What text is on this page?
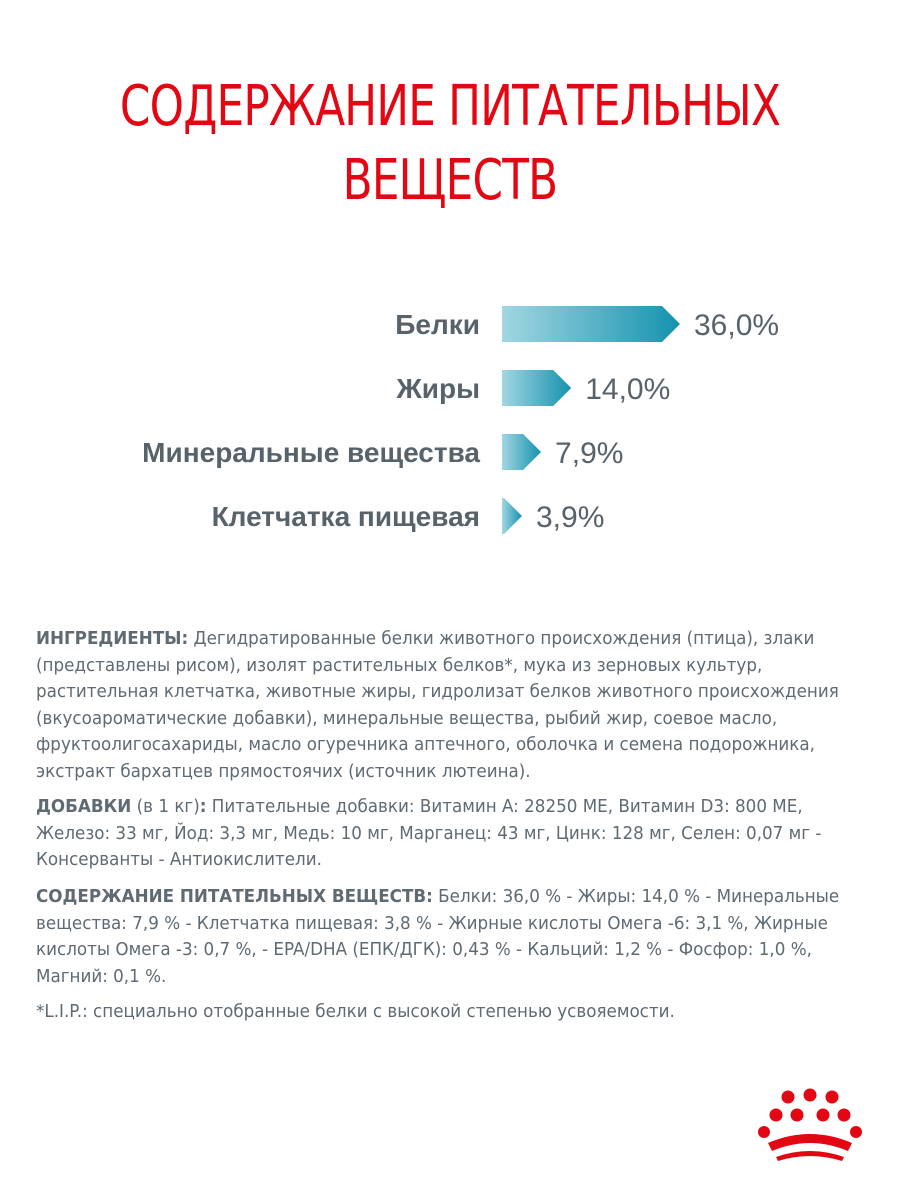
СОДЕРЖАНИЕ ПИТАТЕЛЬНЫХ
ВЕЩЕСТВ
Белки	36,0%
Жиры	14,0%
Минеральные вещества	7,9%
Клетчатка пищевая 3,9%
ИНГРЕДИЕНТЫ: Дегидратированные белки животного происхождения (птица), злаки (представлены рисом), изолят растительных белков*, мука из зерновых культур, растительная клетчатка, животные жиры, гидролизат белков животного происхождения (вкусоароматические добавки), минеральные вещества, рыбий жир, соевое масло, фруктоолигосахариды, масло огуречника аптечного, оболочка и семена подорожника, экстракт бархатцев прямостоячих (источник лютеина).
ДОБАВКИ (в 1 кг): Питательные добавки: Витамин A: 28250 МЕ, Витамин D3: 800 МЕ, Железо: 33 мг, Йод: 3,3 мг, Медь: 10 мг, Марганец: 43 мг, Цинк: 128 мг, Селен: 0,07 мг - Консерванты - Антиокислители.
СОДЕРЖАНИЕ ПИТАТЕЛЬНЫХ ВЕЩЕСТВ: Белки: 36,0 % - Жиры: 14,0 % - Минеральные вещества: 7,9 % - Клетчатка пищевая: 3,8 % - Жирные кислоты Омега -6: 3,1 %, Жирные кислоты Омега -3: 0,7 %, - EPA/DHA (ЕПК/ДГК): 0,43 % - Кальций: 1,2 % - Фосфор: 1,0 %, Магний: 0,1 %.
*L.I.P.: специально отобранные белки с высокой степенью усвояемости.
